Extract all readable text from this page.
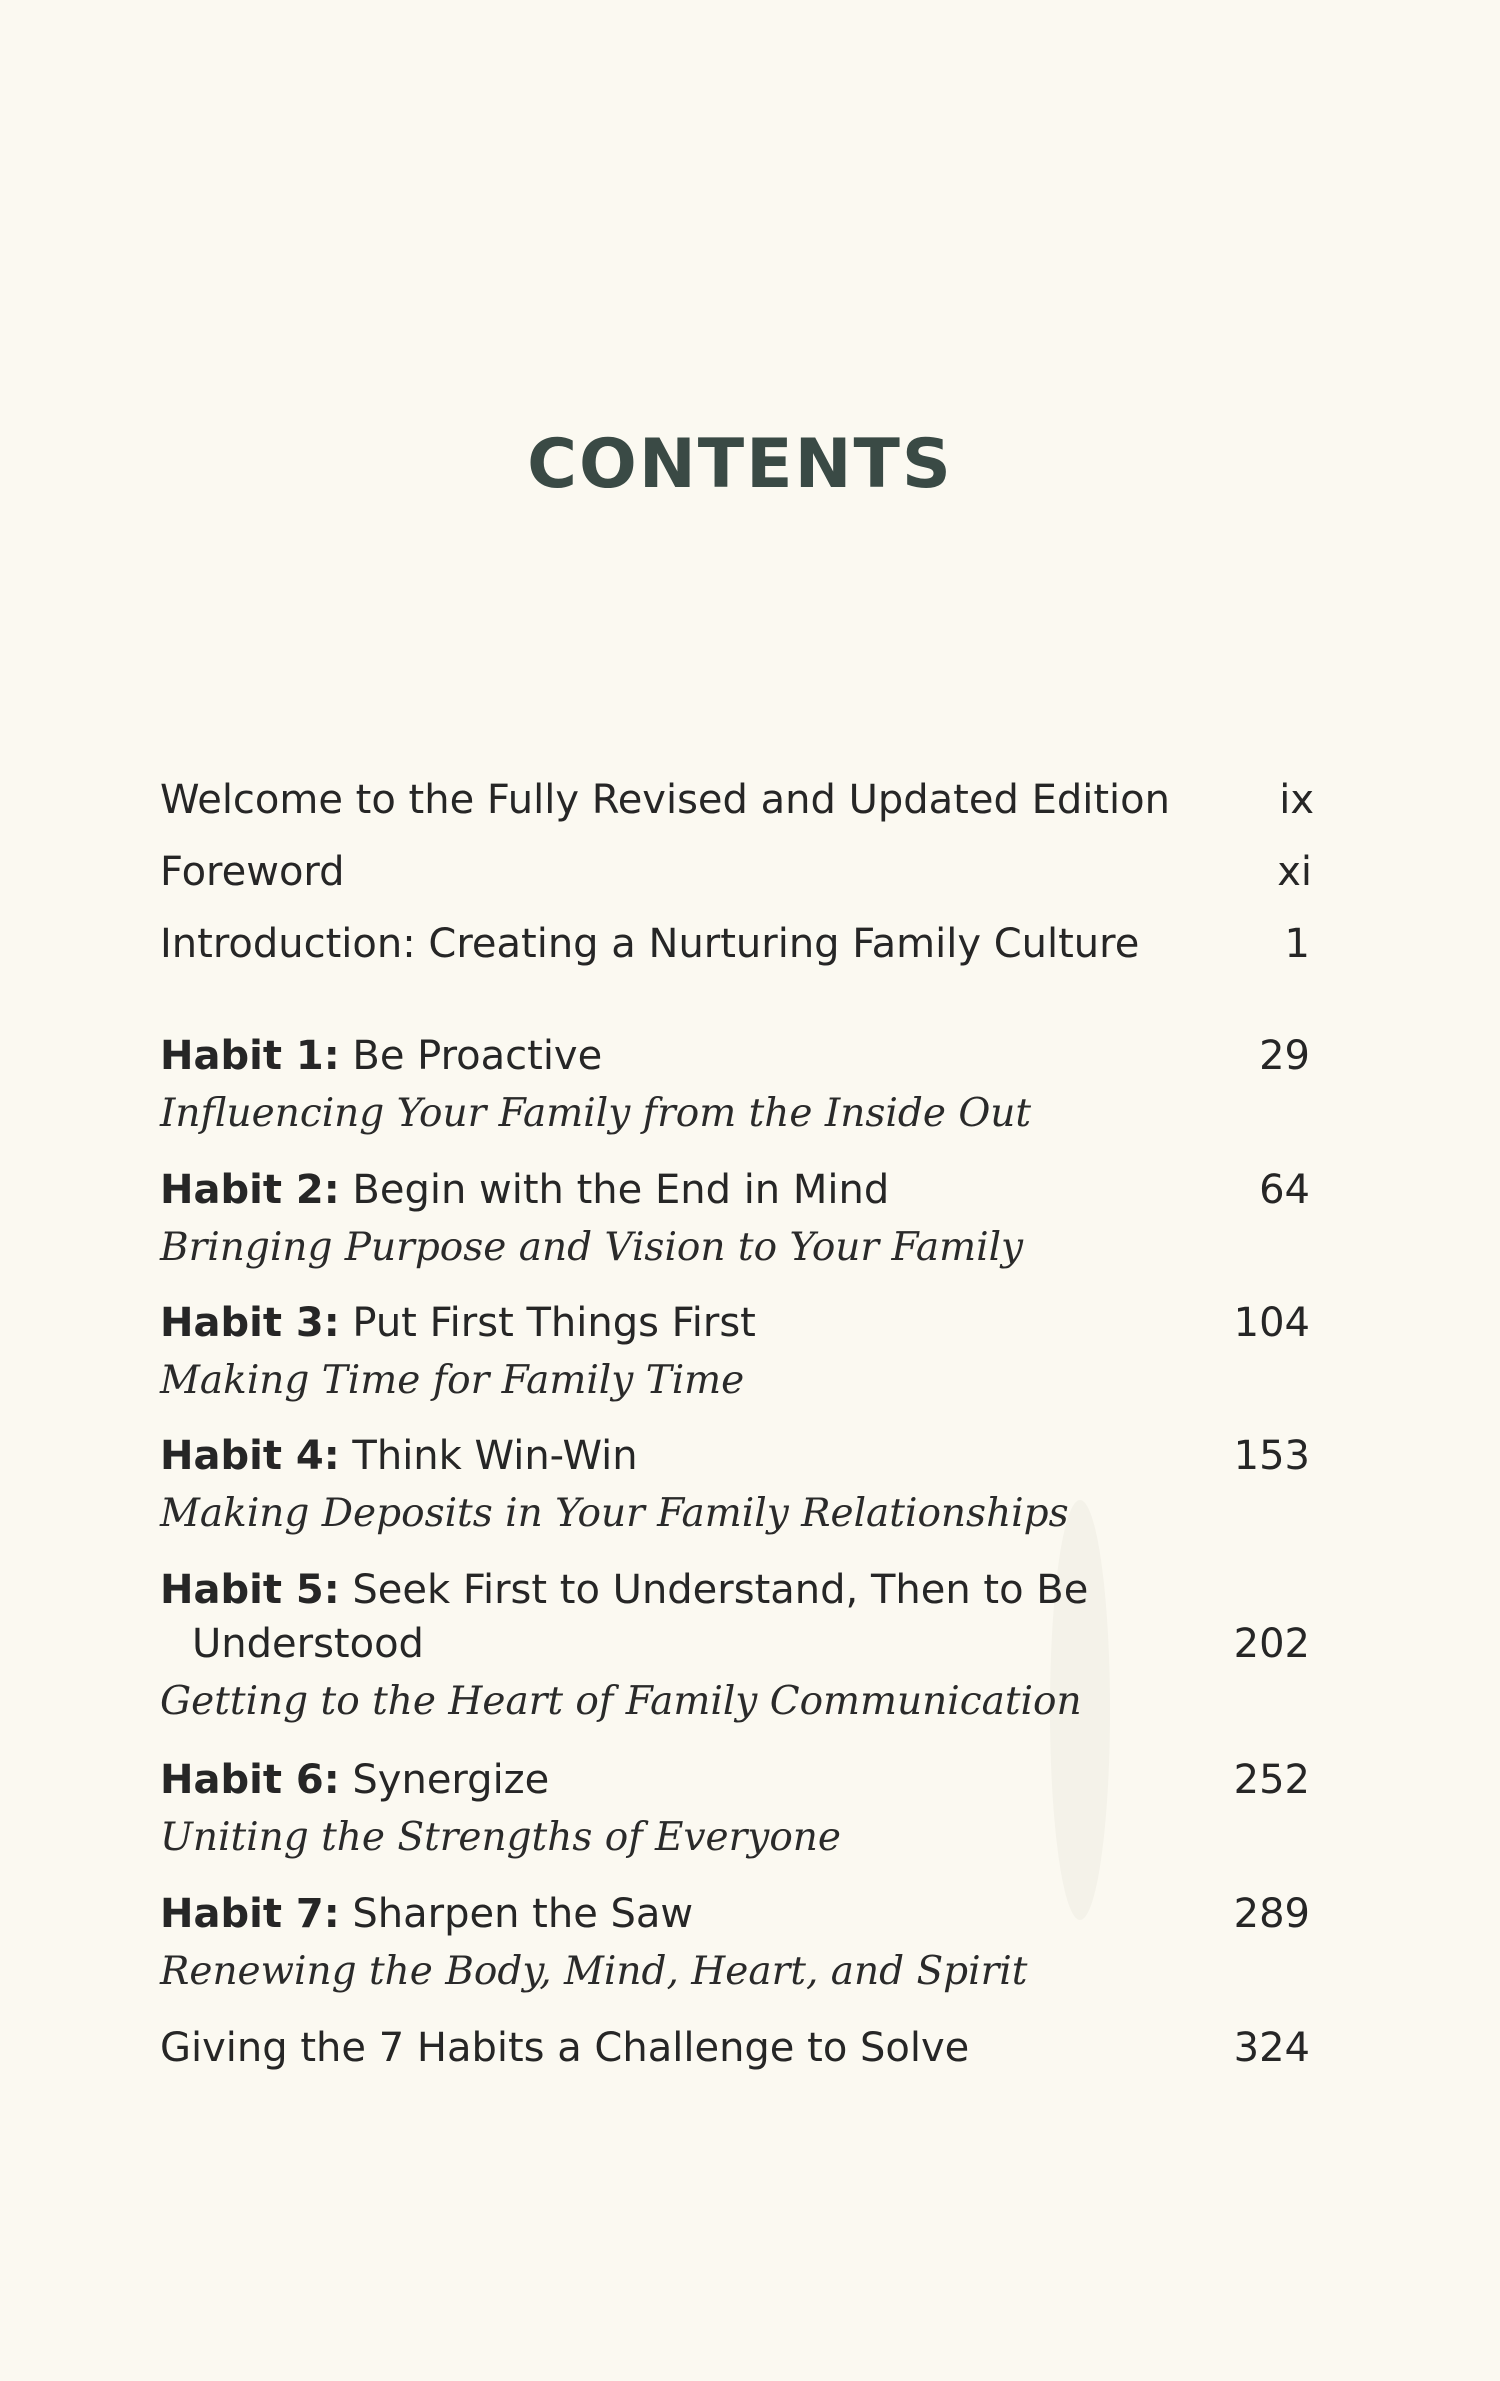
CONTENTS
Welcome to the Fully Revised and Updated Edition	ix
Foreword	xi
Introduction: Creating a Nurturing Family Culture	1
Habit 1: Be Proactive	29
Influencing Your Family from the Inside Out
Habit 2: Begin with the End in Mind	64
Bringing Purpose and Vision to Your Family
Habit 3: Put First Things First	104
Making Time for Family Time
Habit 4: Think Win-Win	153
Making Deposits in Your Family Relationships
Habit 5: Seek First to Understand, Then to Be
Understood	202
Getting to the Heart of Family Communication
Habit 6: Synergize	252
Uniting the Strengths of Everyone
Habit 7: Sharpen the Saw	289
Renewing the Body, Mind, Heart, and Spirit
Giving the 7 Habits a Challenge to Solve	324
